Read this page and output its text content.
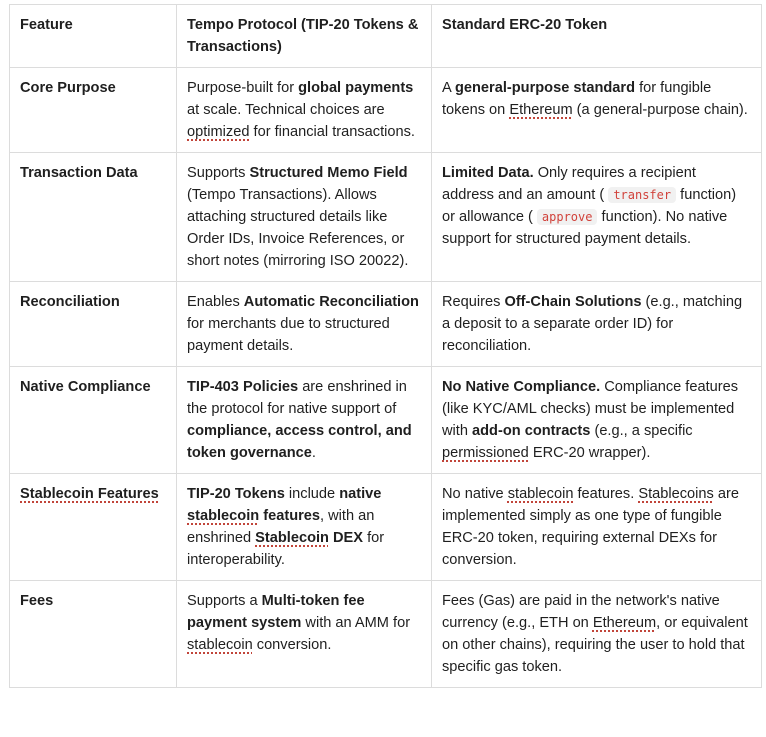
Feature	Tempo Protocol (TIP-20 Tokens & Transactions)	Standard ERC-20 Token
Core Purpose	Purpose-built for global payments at scale. Technical choices are optimized for financial transactions.	A general-purpose standard for fungible tokens on Ethereum (a general-purpose chain).
Transaction Data	Supports Structured Memo Field (Tempo Transactions). Allows attaching structured details like Order IDs, Invoice References, or short notes (mirroring ISO 20022).	Limited Data. Only requires a recipient address and an amount ( transfer function) or allowance ( approve function). No native support for structured payment details.
Reconciliation	Enables Automatic Reconciliation for merchants due to structured payment details.	Requires Off-Chain Solutions (e.g., matching a deposit to a separate order ID) for reconciliation.
Native Compliance	TIP-403 Policies are enshrined in the protocol for native support of compliance, access control, and token governance.	No Native Compliance. Compliance features (like KYC/AML checks) must be implemented with add-on contracts (e.g., a specific permissioned ERC-20 wrapper).
Stablecoin Features	TIP-20 Tokens include native stablecoin features, with an enshrined Stablecoin DEX for interoperability.	No native stablecoin features. Stablecoins are implemented simply as one type of fungible ERC-20 token, requiring external DEXs for conversion.
Fees	Supports a Multi-token fee payment system with an AMM for stablecoin conversion.	Fees (Gas) are paid in the network's native currency (e.g., ETH on Ethereum, or equivalent on other chains), requiring the user to hold that specific gas token.
